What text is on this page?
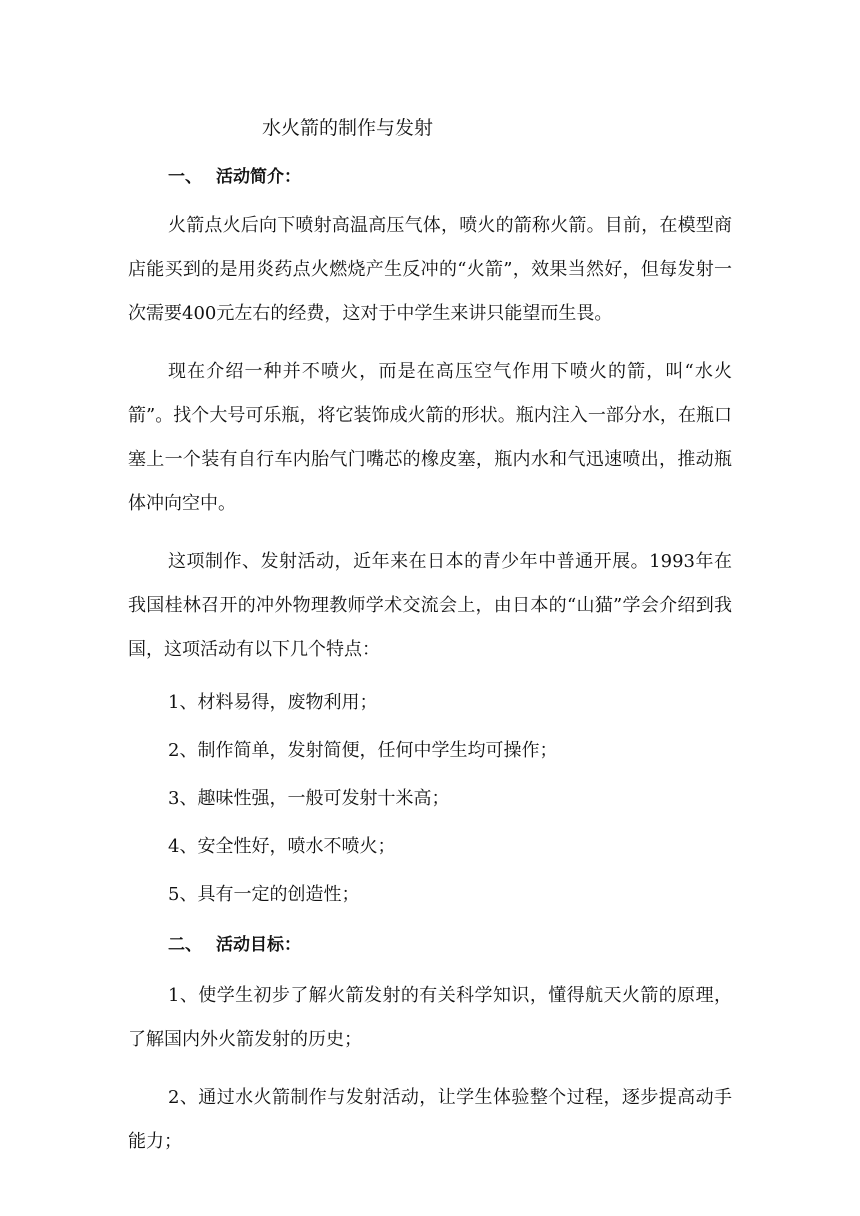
水火箭的制作与发射
一、 活动简介：

火箭点火后向下喷射高温高压气体，喷火的箭称火箭。目前，在模型商店能买到的是用炎药点火燃烧产生反冲的“火箭”，效果当然好，但每发射一次需要400元左右的经费，这对于中学生来讲只能望而生畏。

现在介绍一种并不喷火，而是在高压空气作用下喷火的箭，叫“水火箭”。找个大号可乐瓶，将它装饰成火箭的形状。瓶内注入一部分水，在瓶口塞上一个装有自行车内胎气门嘴芯的橡皮塞，瓶内水和气迅速喷出，推动瓶体冲向空中。

这项制作、发射活动，近年来在日本的青少年中普通开展。1993年在我国桂林召开的冲外物理教师学术交流会上，由日本的“山猫”学会介绍到我国，这项活动有以下几个特点：

1、材料易得，废物利用；
2、制作简单，发射简便，任何中学生均可操作；
3、趣味性强，一般可发射十米高；
4、安全性好，喷水不喷火；
5、具有一定的创造性；
二、 活动目标：

1、使学生初步了解火箭发射的有关科学知识，懂得航天火箭的原理，了解国内外火箭发射的历史；

2、通过水火箭制作与发射活动，让学生体验整个过程，逐步提高动手能力；
